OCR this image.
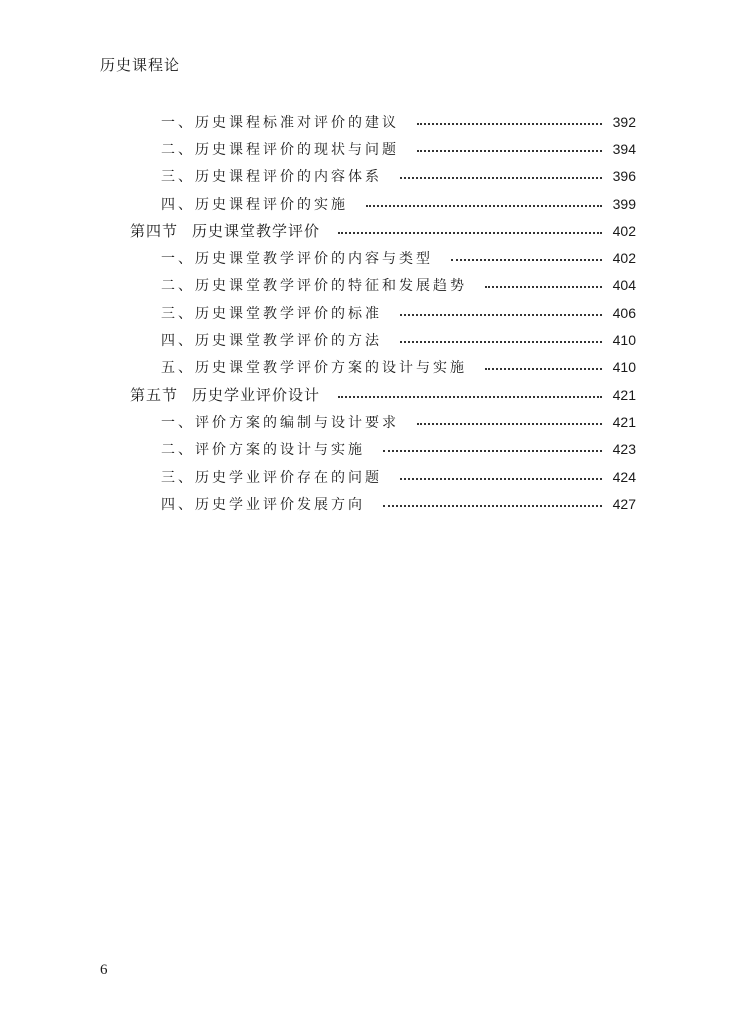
历史课程论
一、历史课程标准对评价的建议	392
二、历史课程评价的现状与问题	394
三、历史课程评价的内容体系	396
四、历史课程评价的实施	399
第四节 历史课堂教学评价	402
一、历史课堂教学评价的内容与类型	402
二、历史课堂教学评价的特征和发展趋势	404
三、历史课堂教学评价的标准	406
四、历史课堂教学评价的方法	410
五、历史课堂教学评价方案的设计与实施	410
第五节 历史学业评价设计	421
一、评价方案的编制与设计要求	421
二、评价方案的设计与实施	423
三、历史学业评价存在的问题	424
四、历史学业评价发展方向	427
6
